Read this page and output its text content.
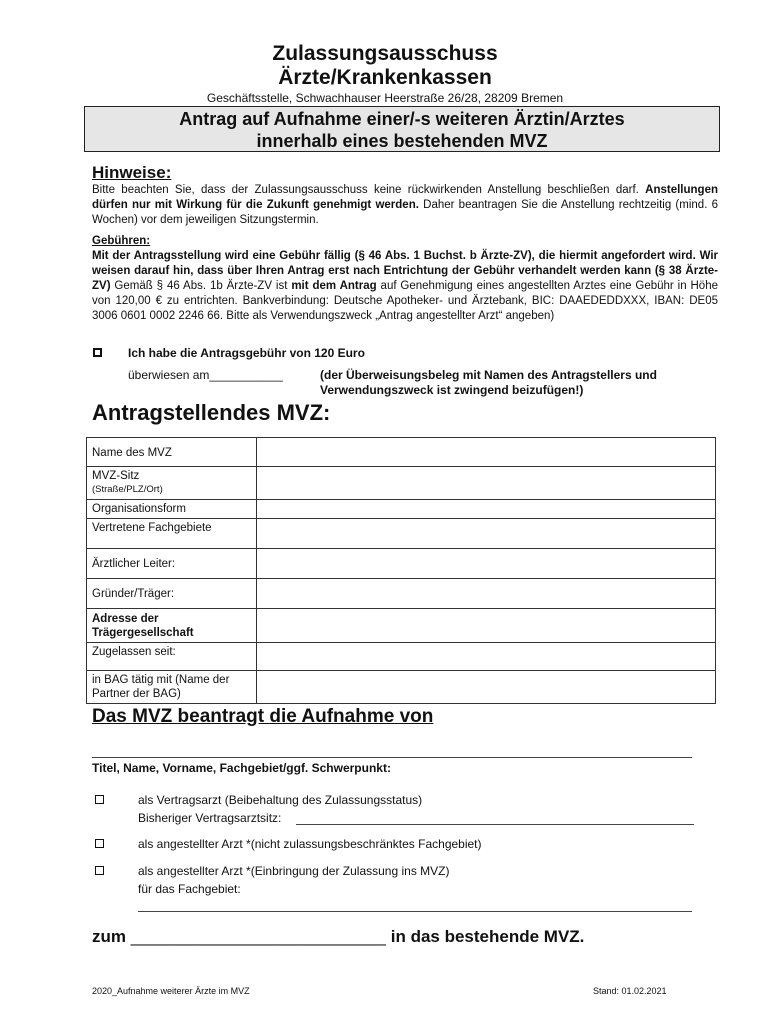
Zulassungsausschuss
Ärzte/Krankenkassen
Geschäftsstelle, Schwachhauser Heerstraße 26/28, 28209 Bremen
Antrag auf Aufnahme einer/-s weiteren Ärztin/Arztes
innerhalb eines bestehenden MVZ
Hinweise:
Bitte beachten Sie, dass der Zulassungsausschuss keine rückwirkenden Anstellung beschließen darf. Anstellungen dürfen nur mit Wirkung für die Zukunft genehmigt werden. Daher beantragen Sie die Anstellung rechtzeitig (mind. 6 Wochen) vor dem jeweiligen Sitzungstermin.
Gebühren:
Mit der Antragsstellung wird eine Gebühr fällig (§ 46 Abs. 1 Buchst. b Ärzte-ZV), die hiermit angefordert wird. Wir weisen darauf hin, dass über Ihren Antrag erst nach Entrichtung der Gebühr verhandelt werden kann (§ 38 Ärzte-ZV) Gemäß § 46 Abs. 1b Ärzte-ZV ist mit dem Antrag auf Genehmigung eines angestellten Arztes eine Gebühr in Höhe von 120,00 € zu entrichten. Bankverbindung: Deutsche Apotheker- und Ärztebank, BIC: DAAEDEDDXXX, IBAN: DE05 3006 0601 0002 2246 66. Bitte als Verwendungszweck „Antrag angestellter Arzt“ angeben)
Ich habe die Antragsgebühr von 120 Euro
überwiesen am___________	(der Überweisungsbeleg mit Namen des Antragstellers und
Verwendungszweck ist zwingend beizufügen!)
Antragstellendes MVZ:
Name des MVZ	

MVZ-Sitz
(Straße/PLZ/Ort)	

Organisationsform	
Vertretene Fachgebiete	
Ärztlicher Leiter:	
Gründer/Träger:	
Adresse der Trägergesellschaft	
Zugelassen seit:	
in BAG tätig mit (Name der Partner der BAG)	
Das MVZ beantragt die Aufnahme von
Titel, Name, Vorname, Fachgebiet/ggf. Schwerpunkt:
als Vertragsarzt (Beibehaltung des Zulassungsstatus)
Bisheriger Vertragsarztsitz:
als angestellter Arzt *(nicht zulassungsbeschränktes Fachgebiet)
als angestellter Arzt *(Einbringung der Zulassung ins MVZ)
für das Fachgebiet:
zum ___________________________ in das bestehende MVZ.
2020_Aufnahme weiterer Ärzte im MVZ	Stand: 01.02.2021
